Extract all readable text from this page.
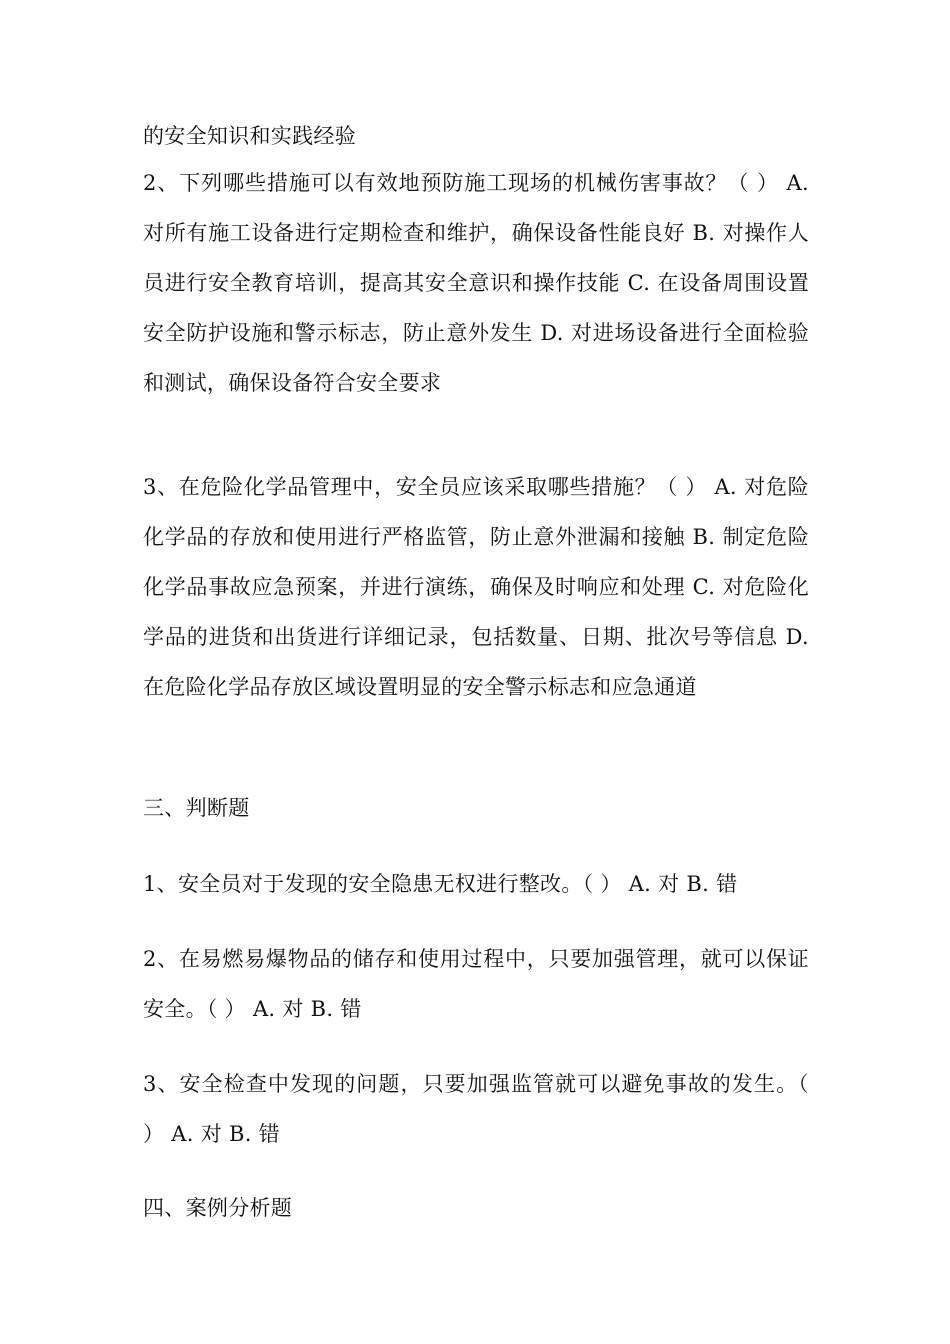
的安全知识和实践经验
2、下列哪些措施可以有效地预防施工现场的机械伤害事故？（ ） A. 对所有施工设备进行定期检查和维护，确保设备性能良好 B. 对操作人员进行安全教育培训，提高其安全意识和操作技能 C. 在设备周围设置安全防护设施和警示标志，防止意外发生 D. 对进场设备进行全面检验和测试，确保设备符合安全要求
3、在危险化学品管理中，安全员应该采取哪些措施？（ ） A. 对危险化学品的存放和使用进行严格监管，防止意外泄漏和接触 B. 制定危险化学品事故应急预案，并进行演练，确保及时响应和处理 C. 对危险化学品的进货和出货进行详细记录，包括数量、日期、批次号等信息 D. 在危险化学品存放区域设置明显的安全警示标志和应急通道
三、判断题
1、安全员对于发现的安全隐患无权进行整改。（ ） A. 对 B. 错
2、在易燃易爆物品的储存和使用过程中，只要加强管理，就可以保证安全。（ ） A. 对 B. 错
3、安全检查中发现的问题，只要加强监管就可以避免事故的发生。（ ） A. 对 B. 错
四、案例分析题
